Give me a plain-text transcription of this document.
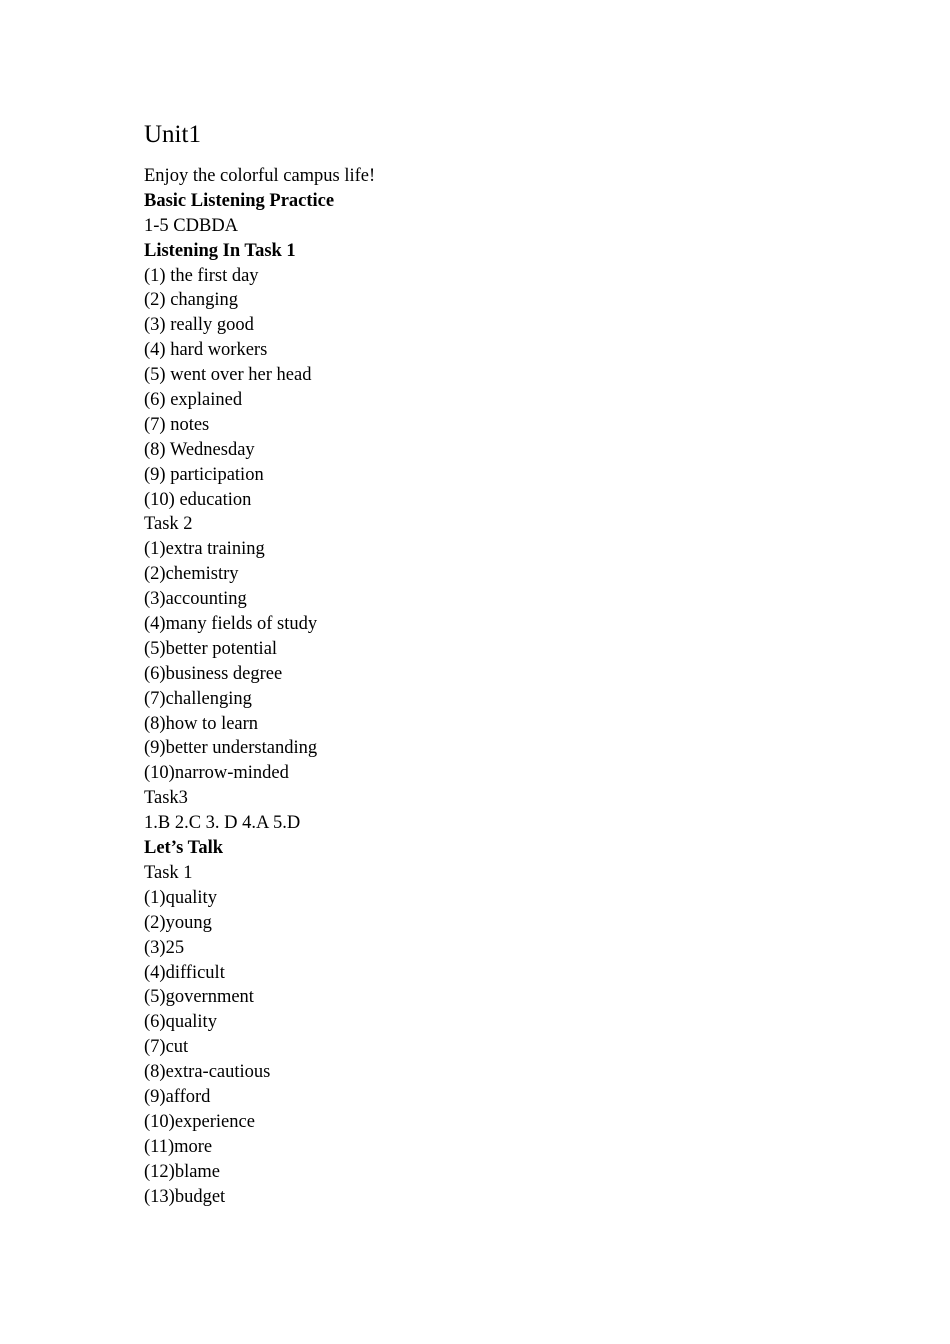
Unit1
Enjoy the colorful campus life!
Basic Listening Practice
1-5 CDBDA
Listening In Task 1
(1) the first day
(2) changing
(3) really good
(4) hard workers
(5) went over her head
(6) explained
(7) notes
(8) Wednesday
(9) participation
(10) education
Task 2
(1)extra training
(2)chemistry
(3)accounting
(4)many fields of study
(5)better potential
(6)business degree
(7)challenging
(8)how to learn
(9)better understanding
(10)narrow-minded
Task3
1.B 2.C 3. D 4.A 5.D
Let’s Talk
Task 1
(1)quality
(2)young
(3)25
(4)difficult
(5)government
(6)quality
(7)cut
(8)extra-cautious
(9)afford
(10)experience
(11)more
(12)blame
(13)budget
